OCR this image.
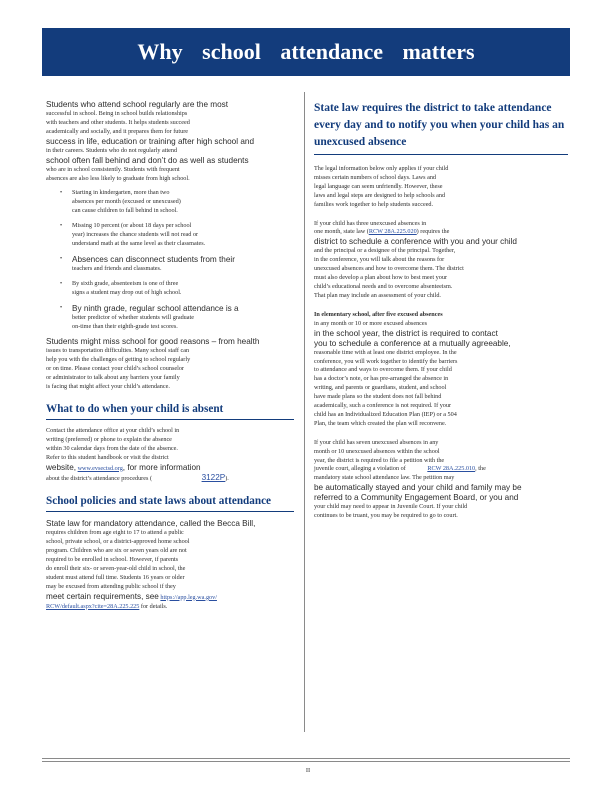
Why school attendance matters
Students who attend school regularly are the most
successful in school. Being in school builds relationships
with teachers and other students. It helps students succeed
academically and socially, and it prepares them for future
success in life, education or training after high school and
in their careers. Students who do not regularly attend
school often fall behind and don’t do as well as students
who are in school consistently. Students with frequent
absences are also less likely to graduate from high school.
• Starting in kindergarten, more than two
absences per month (excused or unexcused)
can cause children to fall behind in school.
• Missing 10 percent (or about 18 days per school
year) increases the chance students will not read or
understand math at the same level as their classmates.
• Absences can disconnect students from their
teachers and friends and classmates.
• By sixth grade, absenteeism is one of three
signs a student may drop out of high school.
• By ninth grade, regular school attendance is a
better predictor of whether students will graduate
on-time than their eighth-grade test scores.
Students might miss school for good reasons – from health
issues to transportation difficulties. Many school staff can
help you with the challenges of getting to school regularly
or on time. Please contact your child’s school counselor
or administrator to talk about any barriers your family
is facing that might affect your child’s attendance.
What to do when your child is absent
Contact the attendance office at your child’s school in
writing (preferred) or phone to explain the absence
within 30 calendar days from the date of the absence.
Refer to this student handbook or visit the district
website, www.evsectsd.org, for more information
about the district’s attendance procedures (	3122P).
School policies and state laws about attendance
State law for mandatory attendance, called the Becca Bill,
requires children from age eight to 17 to attend a public
school, private school, or a district-approved home school
program. Children who are six or seven years old are not
required to be enrolled in school. However, if parents
do enroll their six- or seven-year-old child in school, the
student must attend full time. Students 16 years or older
may be excused from attending public school if they
meet certain requirements, see https://app.leg.wa.gov/
RCW/default.aspx?cite=28A.225.225 for details.
State law requires the district to take attendance every day and to notify you when your child has an unexcused absence
The legal information below only applies if your child
misses certain numbers of school days. Laws and
legal language can seem unfriendly. However, these
laws and legal steps are designed to help schools and
families work together to help students succeed.
If your child has three unexcused absences in
one month, state law (RCW 28A.225.020) requires the
district to schedule a conference with you and your child
and the principal or a designee of the principal. Together,
in the conference, you will talk about the reasons for
unexcused absences and how to overcome them. The district
must also develop a plan about how to best meet your
child’s educational needs and to overcome absenteeism.
That plan may include an assessment of your child.
In elementary school, after five excused absences
in any month or 10 or more excused absences
in the school year, the district is required to contact
you to schedule a conference at a mutually agreeable,
reasonable time with at least one district employee. In the
conference, you will work together to identify the barriers
to attendance and ways to overcome them. If your child
has a doctor’s note, or has pre-arranged the absence in
writing, and parents or guardians, student, and school
have made plans so the student does not fall behind
academically, such a conference is not required. If your
child has an Individualized Education Plan (IEP) or a 504
Plan, the team which created the plan will reconvene.
If your child has seven unexcused absences in any
month or 10 unexcused absences within the school
year, the district is required to file a petition with the
juvenile court, alleging a violation of	RCW 28A.225.010, the
mandatory state school attendance law. The petition may
be automatically stayed and your child and family may be
referred to a Community Engagement Board, or you and
your child may need to appear in Juvenile Court. If your child
continues to be truant, you may be required to go to court.
II
